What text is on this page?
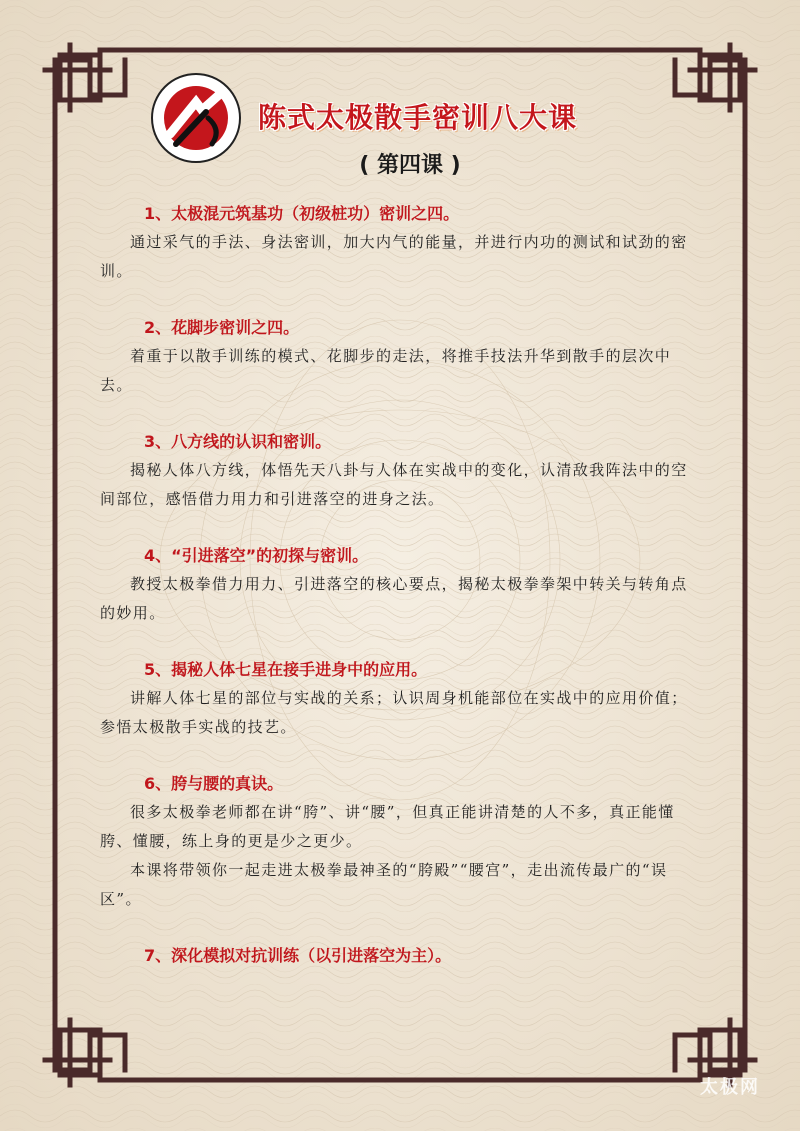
陈式太极散手密训八大课
( 第四课 )
1、太极混元筑基功（初级桩功）密训之四。

通过采气的手法、身法密训，加大内气的能量，并进行内功的测试和试劲的密训。

2、花脚步密训之四。

着重于以散手训练的模式、花脚步的走法，将推手技法升华到散手的层次中去。

3、八方线的认识和密训。

揭秘人体八方线，体悟先天八卦与人体在实战中的变化，认清敌我阵法中的空间部位，感悟借力用力和引进落空的进身之法。

4、“引进落空”的初探与密训。

教授太极拳借力用力、引进落空的核心要点，揭秘太极拳拳架中转关与转角点的妙用。

5、揭秘人体七星在接手进身中的应用。

讲解人体七星的部位与实战的关系；认识周身机能部位在实战中的应用价值；参悟太极散手实战的技艺。

6、胯与腰的真诀。

很多太极拳老师都在讲“胯”、讲“腰”，但真正能讲清楚的人不多，真正能懂胯、懂腰，练上身的更是少之更少。

本课将带领你一起走进太极拳最神圣的“胯殿”“腰宫”，走出流传最广的“误区”。

7、深化模拟对抗训练（以引进落空为主）。
太极网
